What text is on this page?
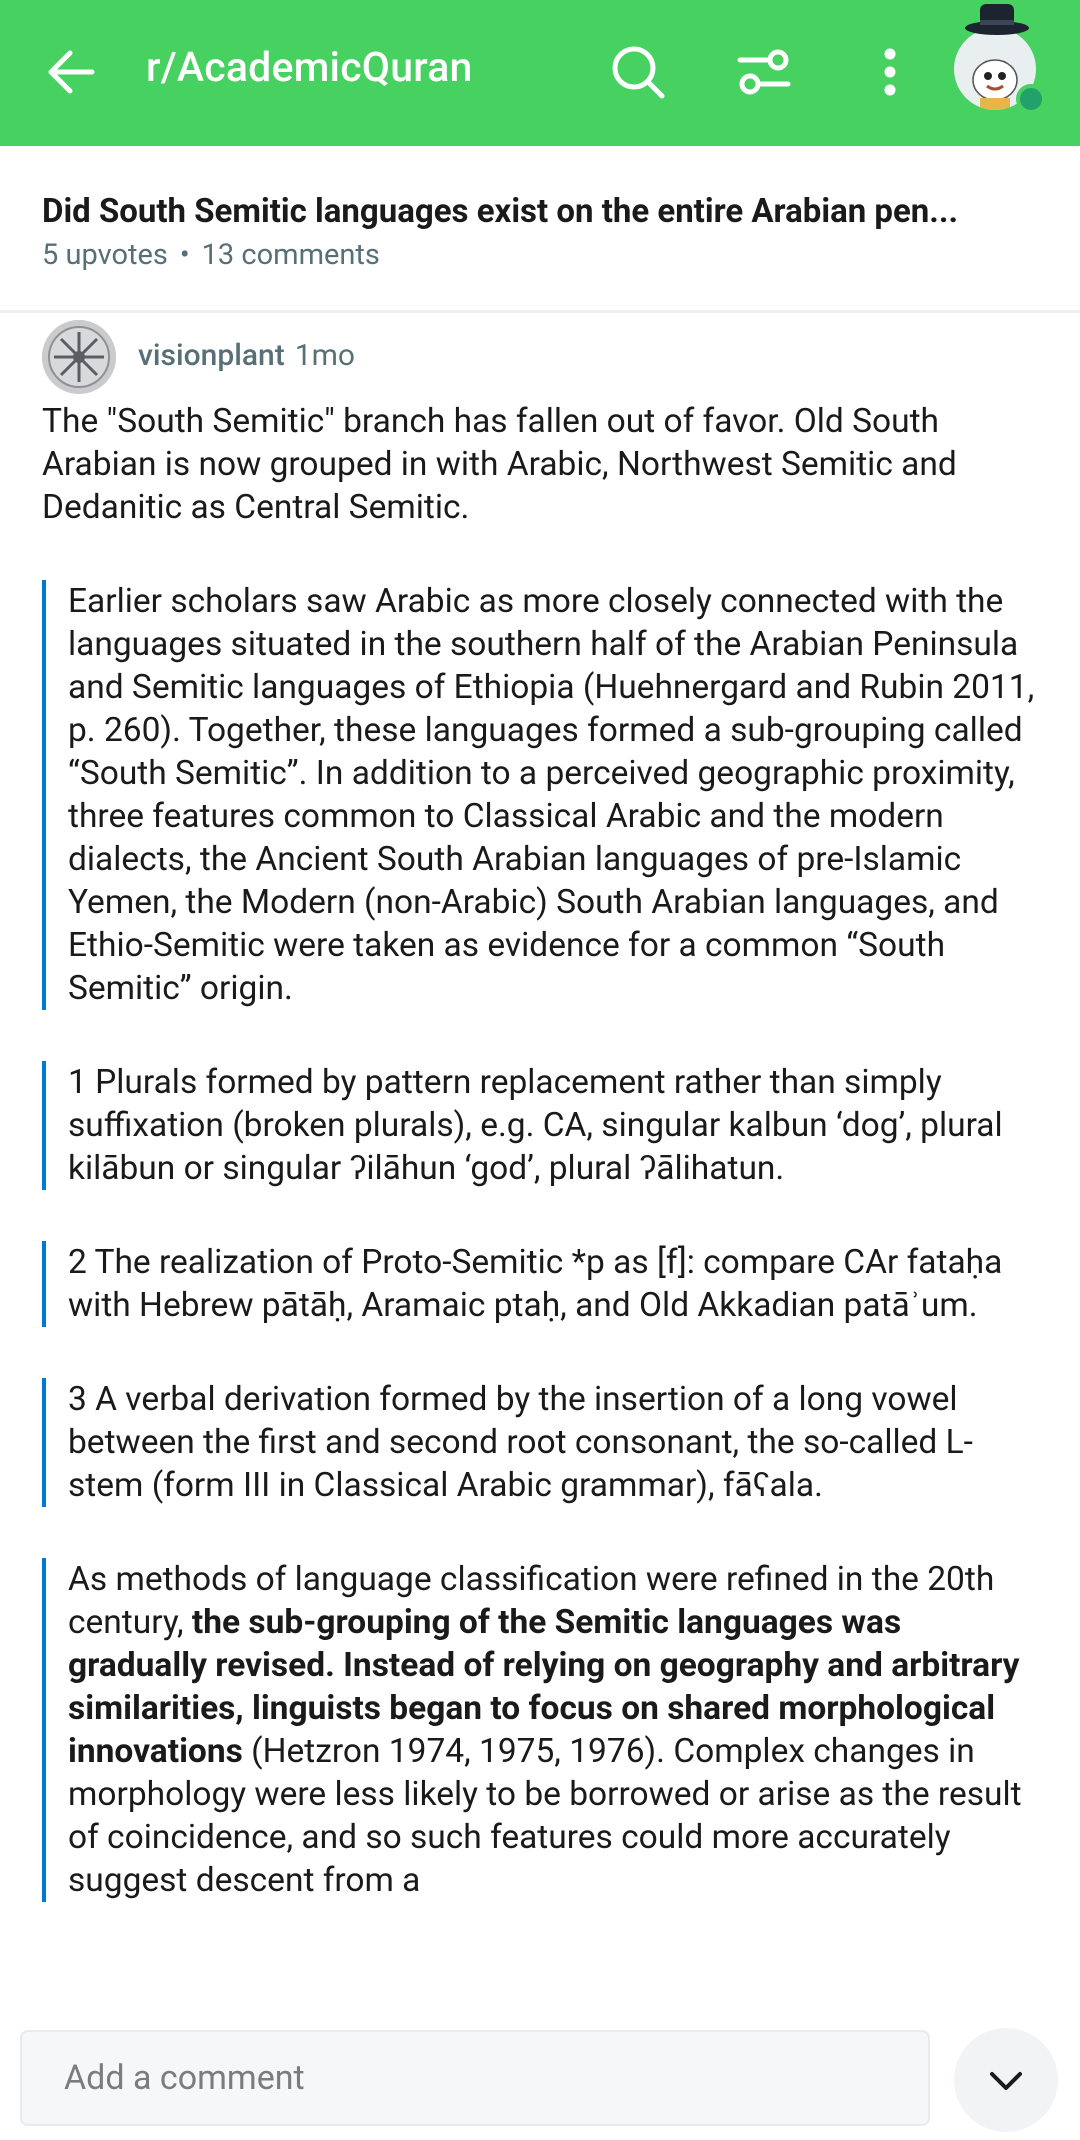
r/AcademicQuran
Did South Semitic languages exist on the entire Arabian pen...
5 upvotes • 13 comments
visionplant 1mo

The "South Semitic" branch has fallen out of favor. Old South Arabian is now grouped in with Arabic, Northwest Semitic and Dedanitic as Central Semitic.

Earlier scholars saw Arabic as more closely connected with the languages situated in the southern half of the Arabian Peninsula and Semitic languages of Ethiopia (Huehnergard and Rubin 2011, p. 260). Together, these languages formed a sub-grouping called “South Semitic”. In addition to a perceived geographic proximity, three features common to Classical Arabic and the modern dialects, the Ancient South Arabian languages of pre-Islamic Yemen, the Modern (non-Arabic) South Arabian languages, and Ethio-Semitic were taken as evidence for a common “South Semitic” origin.

1 Plurals formed by pattern replacement rather than simply suffixation (broken plurals), e.g. CA, singular kalbun ‘dog’, plural kilābun or singular ʔilāhun ‘god’, plural ʔālihatun.

2 The realization of Proto-Semitic *p as [f]: compare CAr fataḥa with Hebrew pātāḥ, Aramaic ptaḥ, and Old Akkadian patāʾum.

3 A verbal derivation formed by the insertion of a long vowel between the first and second root consonant, the so-called L-stem (form III in Classical Arabic grammar), fāʕala.

As methods of language classification were refined in the 20th century, the sub-grouping of the Semitic languages was gradually revised. Instead of relying on geography and arbitrary similarities, linguists began to focus on shared morphological innovations (Hetzron 1974, 1975, 1976). Complex changes in morphology were less likely to be borrowed or arise as the result of coincidence, and so such features could more accurately suggest descent from a

Add a comment
